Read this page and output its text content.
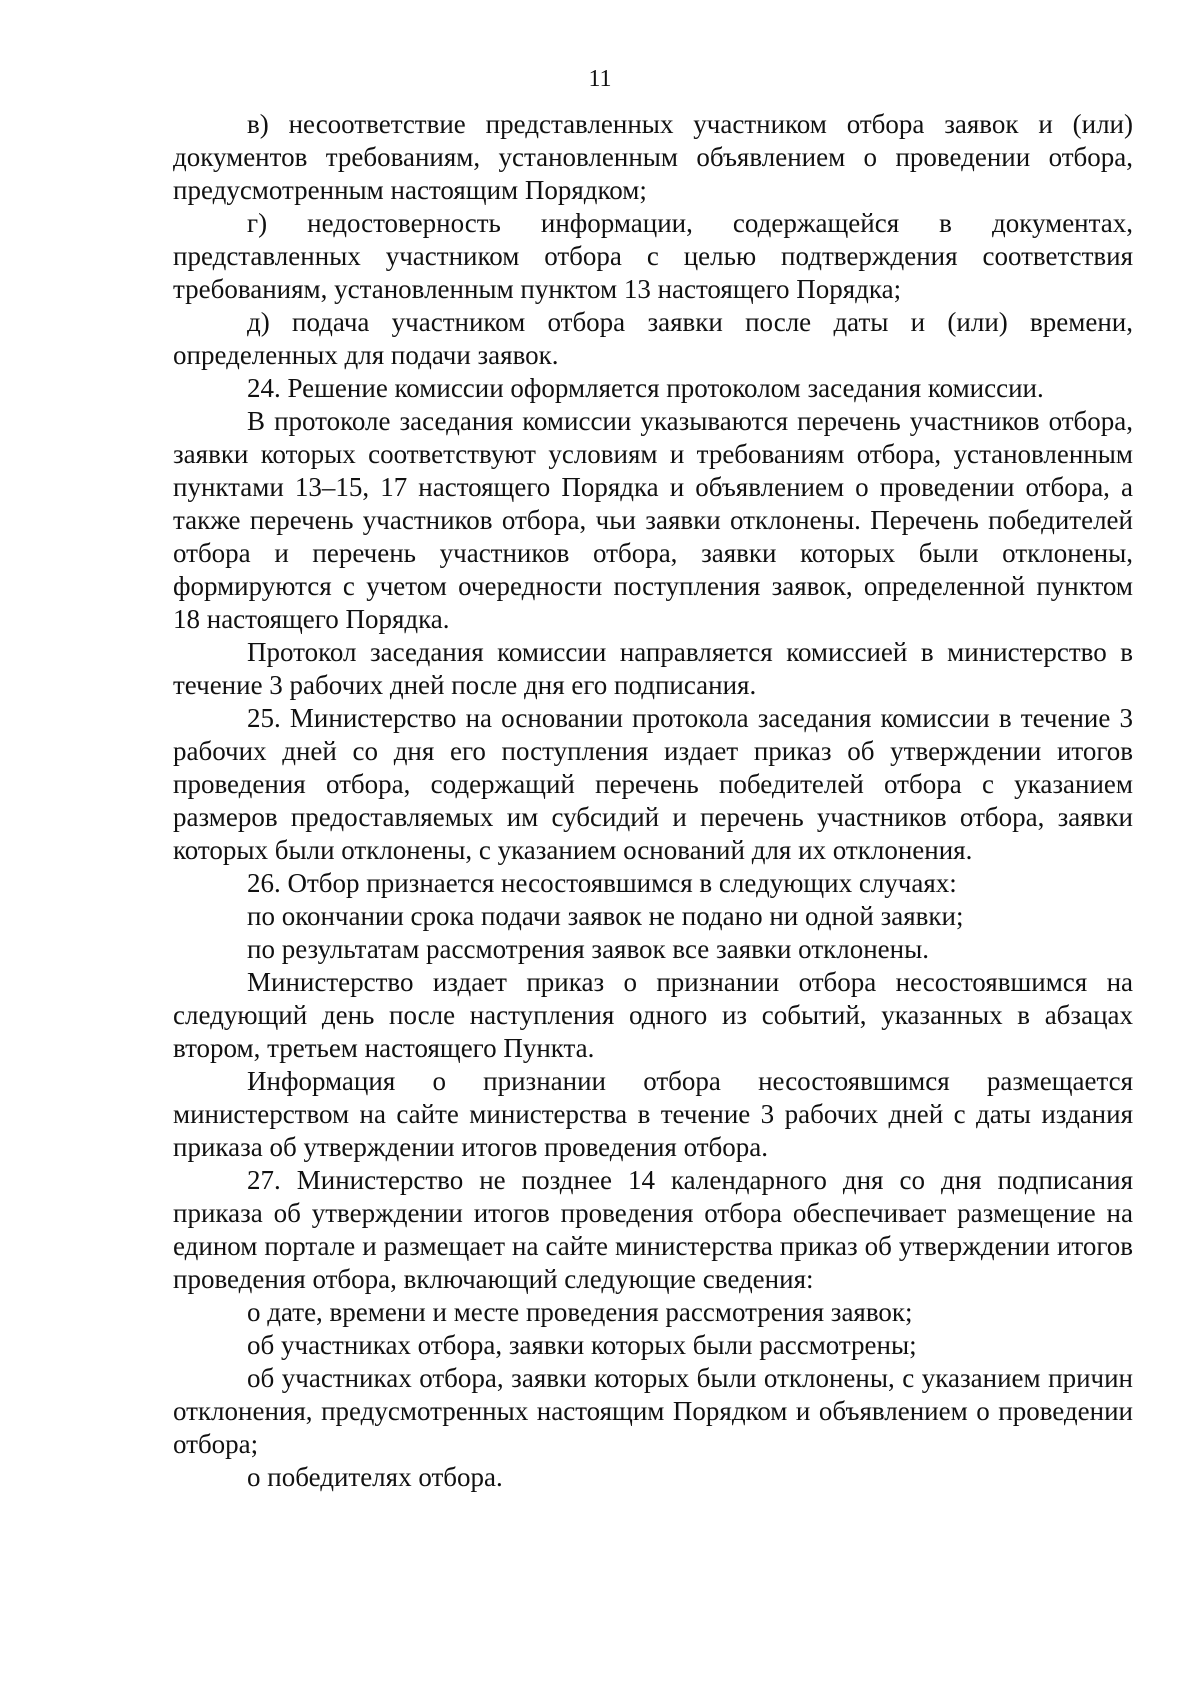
11

в) несоответствие представленных участником отбора заявок и (или) документов требованиям, установленным объявлением о проведении отбора, предусмотренным настоящим Порядком;

г) недостоверность информации, содержащейся в документах, представленных участником отбора с целью подтверждения соответствия требованиям, установленным пунктом 13 настоящего Порядка;

д) подача участником отбора заявки после даты и (или) времени, определенных для подачи заявок.

24. Решение комиссии оформляется протоколом заседания комиссии.

В протоколе заседания комиссии указываются перечень участников отбора, заявки которых соответствуют условиям и требованиям отбора, установленным пунктами 13–15, 17 настоящего Порядка и объявлением о проведении отбора, а также перечень участников отбора, чьи заявки отклонены. Перечень победителей отбора и перечень участников отбора, заявки которых были отклонены, формируются с учетом очередности поступления заявок, определенной пунктом 18 настоящего Порядка.

Протокол заседания комиссии направляется комиссией в министерство в течение 3 рабочих дней после дня его подписания.

25. Министерство на основании протокола заседания комиссии в течение 3 рабочих дней со дня его поступления издает приказ об утверждении итогов проведения отбора, содержащий перечень победителей отбора с указанием размеров предоставляемых им субсидий и перечень участников отбора, заявки которых были отклонены, с указанием оснований для их отклонения.

26. Отбор признается несостоявшимся в следующих случаях:

по окончании срока подачи заявок не подано ни одной заявки;

по результатам рассмотрения заявок все заявки отклонены.

Министерство издает приказ о признании отбора несостоявшимся на следующий день после наступления одного из событий, указанных в абзацах втором, третьем настоящего Пункта.

Информация о признании отбора несостоявшимся размещается министерством на сайте министерства в течение 3 рабочих дней с даты издания приказа об утверждении итогов проведения отбора.

27. Министерство не позднее 14 календарного дня со дня подписания приказа об утверждении итогов проведения отбора обеспечивает размещение на едином портале и размещает на сайте министерства приказ об утверждении итогов проведения отбора, включающий следующие сведения:

о дате, времени и месте проведения рассмотрения заявок;

об участниках отбора, заявки которых были рассмотрены;

об участниках отбора, заявки которых были отклонены, с указанием причин отклонения, предусмотренных настоящим Порядком и объявлением о проведении отбора;

о победителях отбора.
